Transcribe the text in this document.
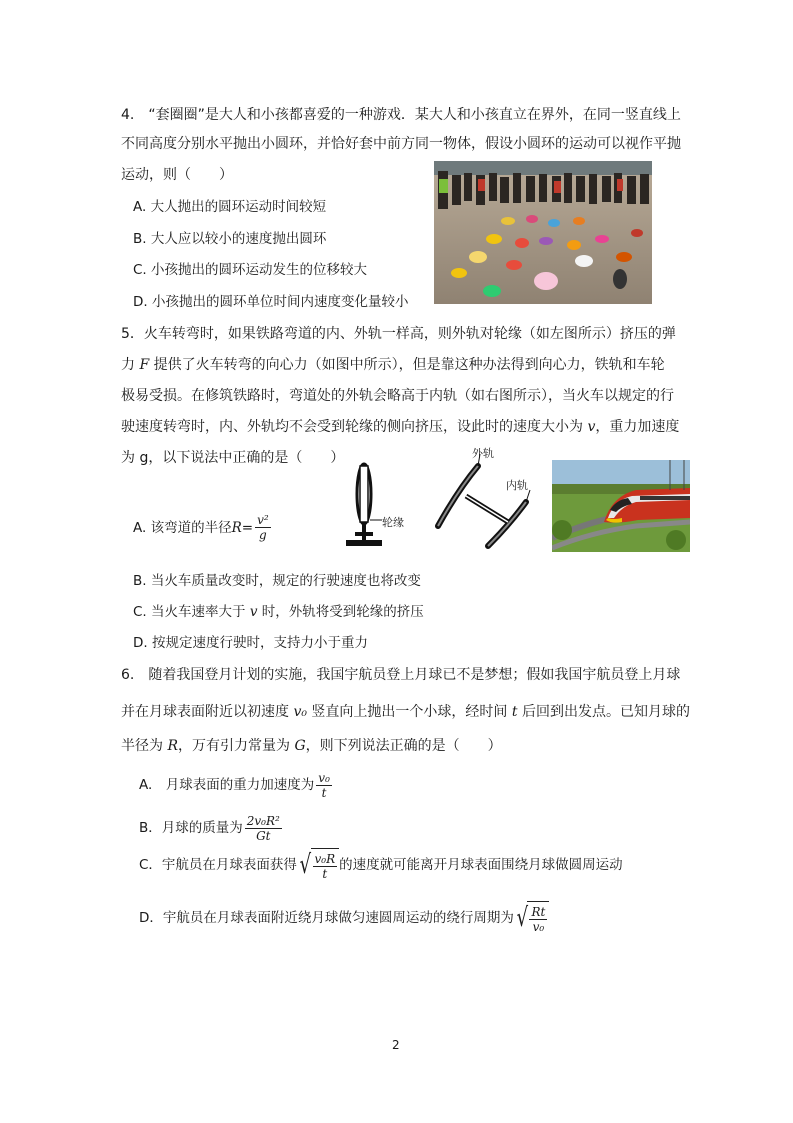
4.　“套圈圈”是大人和小孩都喜爱的一种游戏．某大人和小孩直立在界外，在同一竖直线上
不同高度分别水平抛出小圆环，并恰好套中前方同一物体，假设小圆环的运动可以视作平抛
运动，则（　　）
A. 大人抛出的圆环运动时间较短
B. 大人应以较小的速度抛出圆环
C. 小孩抛出的圆环运动发生的位移较大
D. 小孩抛出的圆环单位时间内速度变化量较小
5．火车转弯时，如果铁路弯道的内、外轨一样高，则外轨对轮缘（如左图所示）挤压的弹
力 F 提供了火车转弯的向心力（如图中所示），但是靠这种办法得到向心力，铁轨和车轮
极易受损。在修筑铁路时，弯道处的外轨会略高于内轨（如右图所示），当火车以规定的行
驶速度转弯时，内、外轨均不会受到轮缘的侧向挤压，设此时的速度大小为 v，重力加速度
为 g，以下说法中正确的是（　　）
A. 该弯道的半径 $R = \frac{\text{v²}}{g}$
B. 当火车质量改变时，规定的行驶速度也将改变
C. 当火车速率大于 v 时，外轨将受到轮缘的挤压
D. 按规定速度行驶时，支持力小于重力
轮缘
外轨
内轨
6.　随着我国登月计划的实施，我国宇航员登上月球已不是梦想；假如我国宇航员登上月球
并在月球表面附近以初速度 v₀ 竖直向上抛出一个小球，经时间 t 后回到出发点。已知月球的
半径为 R，万有引力常量为 G，则下列说法正确的是（　　）
A.　月球表面的重力加速度为 $\frac{\text{v₀}}{t}$
B．月球的质量为 $\frac{\text{2v₀R²}}{Gt}$
C．宇航员在月球表面获得 √ $\frac{\text{v₀R}}{t}$ 的速度就可能离开月球表面围绕月球做圆周运动
D．宇航员在月球表面附近绕月球做匀速圆周运动的绕行周期为 √ $\frac{Rt}{\text{v₀}}$
2
